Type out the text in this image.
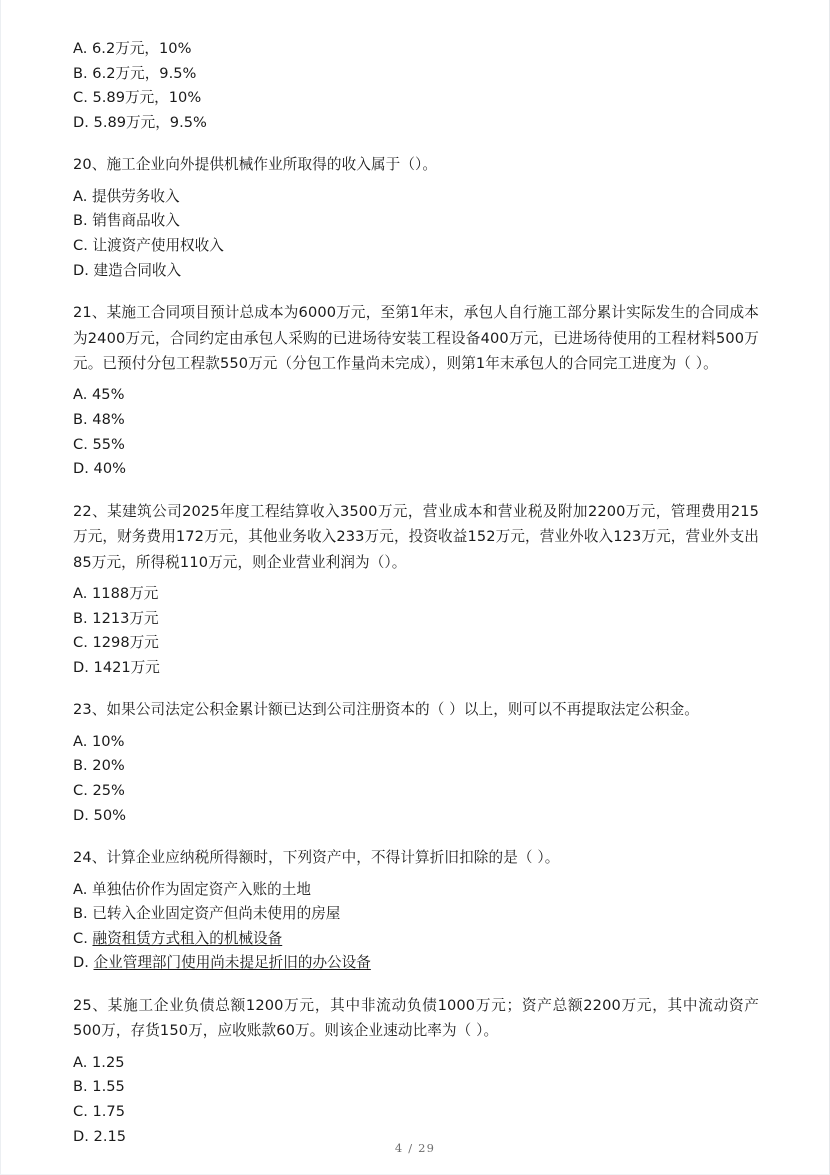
A. 6.2万元，10%
B. 6.2万元，9.5%
C. 5.89万元，10%
D. 5.89万元，9.5%
20、施工企业向外提供机械作业所取得的收入属于（）。
A. 提供劳务收入
B. 销售商品收入
C. 让渡资产使用权收入
D. 建造合同收入
21、某施工合同项目预计总成本为6000万元，至第1年末，承包人自行施工部分累计实际发生的合同成本为2400万元，合同约定由承包人采购的已进场待安装工程设备400万元，已进场待使用的工程材料500万元。已预付分包工程款550万元（分包工作量尚未完成），则第1年末承包人的合同完工进度为（ ）。
A. 45%
B. 48%
C. 55%
D. 40%
22、某建筑公司2025年度工程结算收入3500万元，营业成本和营业税及附加2200万元，管理费用215万元，财务费用172万元，其他业务收入233万元，投资收益152万元，营业外收入123万元，营业外支出85万元，所得税110万元，则企业营业利润为（）。
A. 1188万元
B. 1213万元
C. 1298万元
D. 1421万元
23、如果公司法定公积金累计额已达到公司注册资本的（ ）以上，则可以不再提取法定公积金。
A. 10%
B. 20%
C. 25%
D. 50%
24、计算企业应纳税所得额时，下列资产中，不得计算折旧扣除的是（ ）。
A. 单独估价作为固定资产入账的土地
B. 已转入企业固定资产但尚未使用的房屋
C. 融资租赁方式租入的机械设备
D. 企业管理部门使用尚未提足折旧的办公设备
25、某施工企业负债总额1200万元，其中非流动负债1000万元；资产总额2200万元，其中流动资产500万，存货150万，应收账款60万。则该企业速动比率为（ ）。
A. 1.25
B. 1.55
C. 1.75
D. 2.15
4 / 29
